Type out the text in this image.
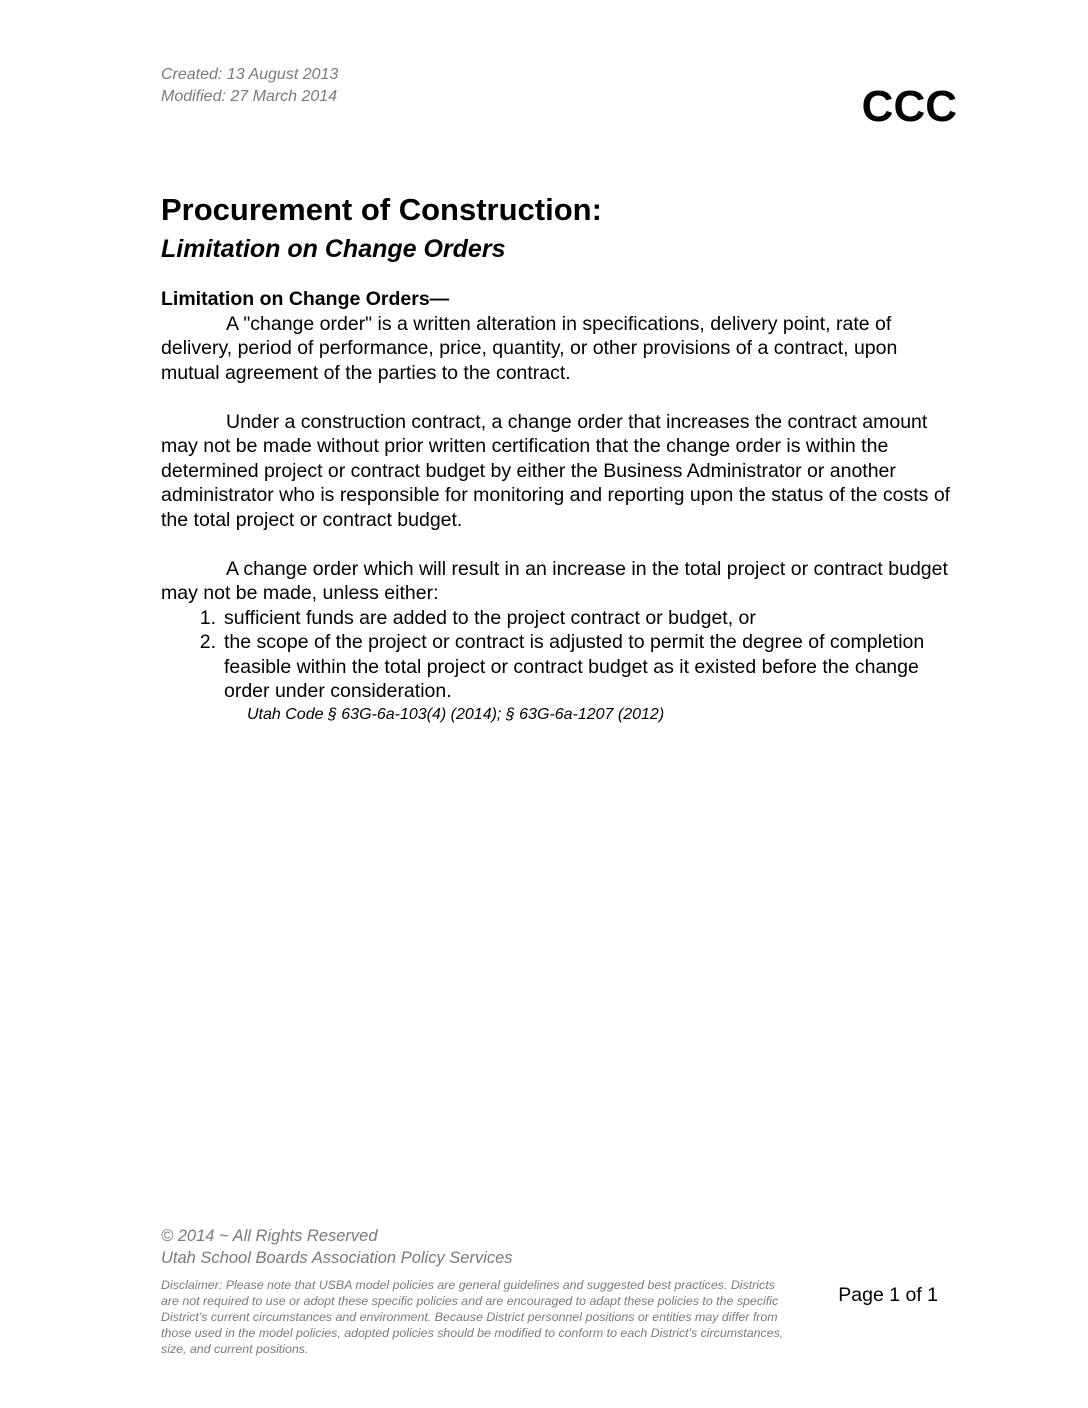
Created: 13 August 2013
Modified: 27 March 2014	CCC
Procurement of Construction:
Limitation on Change Orders

Limitation on Change Orders—

A "change order" is a written alteration in specifications, delivery point, rate of delivery, period of performance, price, quantity, or other provisions of a contract, upon mutual agreement of the parties to the contract.

Under a construction contract, a change order that increases the contract amount may not be made without prior written certification that the change order is within the determined project or contract budget by either the Business Administrator or another administrator who is responsible for monitoring and reporting upon the status of the costs of the total project or contract budget.

A change order which will result in an increase in the total project or contract budget may not be made, unless either:

1. sufficient funds are added to the project contract or budget, or
2. the scope of the project or contract is adjusted to permit the degree of completion feasible within the total project or contract budget as it existed before the change order under consideration.

Utah Code § 63G-6a-103(4) (2014); § 63G-6a-1207 (2012)

© 2014 ~ All Rights Reserved
Utah School Boards Association Policy Services

Disclaimer: Please note that USBA model policies are general guidelines and suggested best practices. Districts are not required to use or adopt these specific policies and are encouraged to adapt these policies to the specific District's current circumstances and environment. Because District personnel positions or entities may differ from those used in the model policies, adopted policies should be modified to conform to each District's circumstances, size, and current positions.

Page 1 of 1
